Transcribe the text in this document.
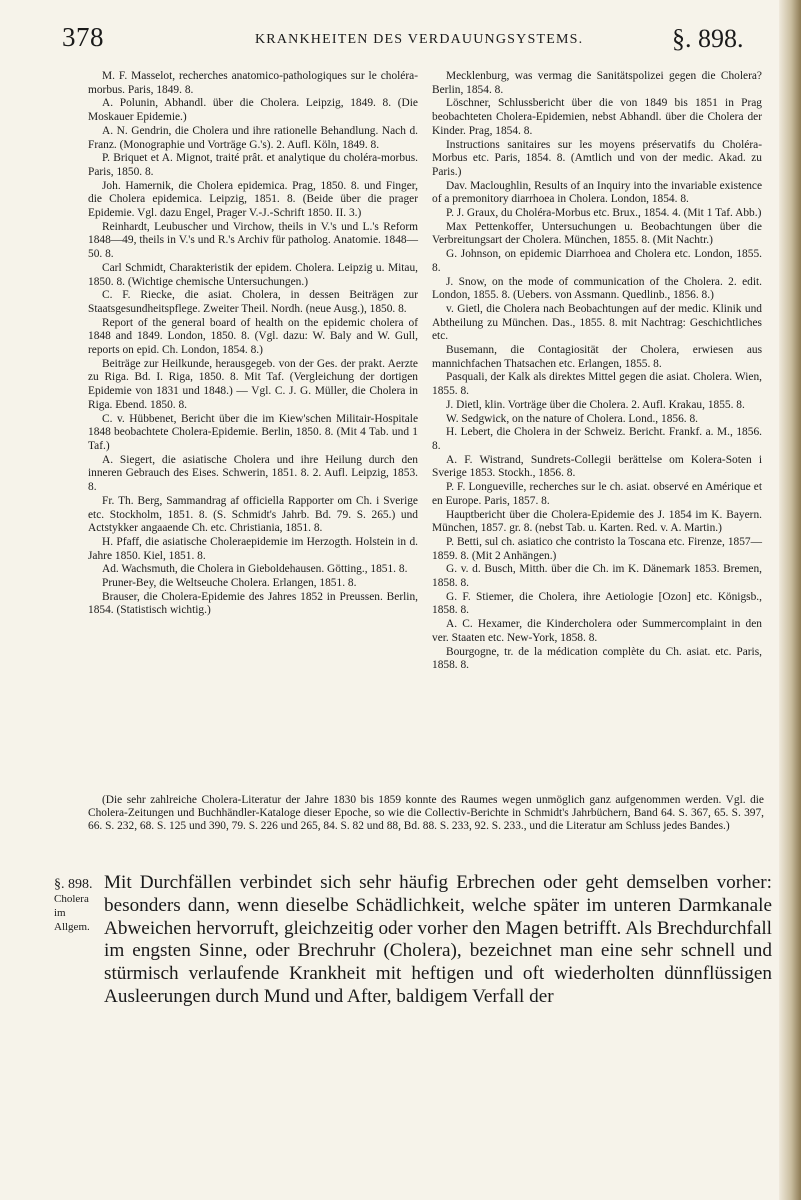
378	KRANKHEITEN DES VERDAUUNGSYSTEMS.	§. 898.

M. F. Masselot, recherches anatomico-pathologiques sur le choléra-morbus. Paris, 1849. 8.

A. Polunin, Abhandl. über die Cholera. Leipzig, 1849. 8. (Die Moskauer Epidemie.)

A. N. Gendrin, die Cholera und ihre rationelle Behandlung. Nach d. Franz. (Monographie und Vorträge G.'s). 2. Aufl. Köln, 1849. 8.

P. Briquet et A. Mignot, traité prât. et analytique du choléra-morbus. Paris, 1850. 8.

Joh. Hamernik, die Cholera epidemica. Prag, 1850. 8. und Finger, die Cholera epidemica. Leipzig, 1851. 8. (Beide über die prager Epidemie. Vgl. dazu Engel, Prager V.-J.-Schrift 1850. II. 3.)

Reinhardt, Leubuscher und Virchow, theils in V.'s und L.'s Reform 1848—49, theils in V.'s und R.'s Archiv für patholog. Anatomie. 1848—50. 8.

Carl Schmidt, Charakteristik der epidem. Cholera. Leipzig u. Mitau, 1850. 8. (Wichtige chemische Untersuchungen.)

C. F. Riecke, die asiat. Cholera, in dessen Beiträgen zur Staatsgesundheitspflege. Zweiter Theil. Nordh. (neue Ausg.), 1850. 8.

Report of the general board of health on the epidemic cholera of 1848 and 1849. London, 1850. 8. (Vgl. dazu: W. Baly and W. Gull, reports on epid. Ch. London, 1854. 8.)

Beiträge zur Heilkunde, herausgegeb. von der Ges. der prakt. Aerzte zu Riga. Bd. I. Riga, 1850. 8. Mit Taf. (Vergleichung der dortigen Epidemie von 1831 und 1848.) — Vgl. C. J. G. Müller, die Cholera in Riga. Ebend. 1850. 8.

C. v. Hübbenet, Bericht über die im Kiew'schen Militair-Hospitale 1848 beobachtete Cholera-Epidemie. Berlin, 1850. 8. (Mit 4 Tab. und 1 Taf.)

A. Siegert, die asiatische Cholera und ihre Heilung durch den inneren Gebrauch des Eises. Schwerin, 1851. 8. 2. Aufl. Leipzig, 1853. 8.

Fr. Th. Berg, Sammandrag af officiella Rapporter om Ch. i Sverige etc. Stockholm, 1851. 8. (S. Schmidt's Jahrb. Bd. 79. S. 265.) und Actstykker angaaende Ch. etc. Christiania, 1851. 8.

H. Pfaff, die asiatische Choleraepidemie im Herzogth. Holstein in d. Jahre 1850. Kiel, 1851. 8.

Ad. Wachsmuth, die Cholera in Gieboldehausen. Götting., 1851. 8.

Pruner-Bey, die Weltseuche Cholera. Erlangen, 1851. 8.

Brauser, die Cholera-Epidemie des Jahres 1852 in Preussen. Berlin, 1854. (Statistisch wichtig.)

Mecklenburg, was vermag die Sanitätspolizei gegen die Cholera? Berlin, 1854. 8.

Löschner, Schlussbericht über die von 1849 bis 1851 in Prag beobachteten Cholera-Epidemien, nebst Abhandl. über die Cholera der Kinder. Prag, 1854. 8.

Instructions sanitaires sur les moyens préservatifs du Choléra-Morbus etc. Paris, 1854. 8. (Amtlich und von der medic. Akad. zu Paris.)

Dav. Macloughlin, Results of an Inquiry into the invariable existence of a premonitory diarrhoea in Cholera. London, 1854. 8.

P. J. Graux, du Choléra-Morbus etc. Brux., 1854. 4. (Mit 1 Taf. Abb.)

Max Pettenkoffer, Untersuchungen u. Beobachtungen über die Verbreitungsart der Cholera. München, 1855. 8. (Mit Nachtr.)

G. Johnson, on epidemic Diarrhoea and Cholera etc. London, 1855. 8.

J. Snow, on the mode of communication of the Cholera. 2. edit. London, 1855. 8. (Uebers. von Assmann. Quedlinb., 1856. 8.)

v. Gietl, die Cholera nach Beobachtungen auf der medic. Klinik und Abtheilung zu München. Das., 1855. 8. mit Nachtrag: Geschichtliches etc.

Busemann, die Contagiosität der Cholera, erwiesen aus mannichfachen Thatsachen etc. Erlangen, 1855. 8.

Pasquali, der Kalk als direktes Mittel gegen die asiat. Cholera. Wien, 1855. 8.

J. Dietl, klin. Vorträge über die Cholera. 2. Aufl. Krakau, 1855. 8.

W. Sedgwick, on the nature of Cholera. Lond., 1856. 8.

H. Lebert, die Cholera in der Schweiz. Bericht. Frankf. a. M., 1856. 8.

A. F. Wistrand, Sundrets-Collegii berättelse om Kolera-Soten i Sverige 1853. Stockh., 1856. 8.

P. F. Longueville, recherches sur le ch. asiat. observé en Amérique et en Europe. Paris, 1857. 8.

Hauptbericht über die Cholera-Epidemie des J. 1854 im K. Bayern. München, 1857. gr. 8. (nebst Tab. u. Karten. Red. v. A. Martin.)

P. Betti, sul ch. asiatico che contristo la Toscana etc. Firenze, 1857—1859. 8. (Mit 2 Anhängen.)

G. v. d. Busch, Mitth. über die Ch. im K. Dänemark 1853. Bremen, 1858. 8.

G. F. Stiemer, die Cholera, ihre Aetiologie [Ozon] etc. Königsb., 1858. 8.

A. C. Hexamer, die Kindercholera oder Summercomplaint in den ver. Staaten etc. New-York, 1858. 8.

Bourgogne, tr. de la médication complète du Ch. asiat. etc. Paris, 1858. 8.

(Die sehr zahlreiche Cholera-Literatur der Jahre 1830 bis 1859 konnte des Raumes wegen unmöglich ganz aufgenommen werden. Vgl. die Cholera-Zeitungen und Buchhändler-Kataloge dieser Epoche, so wie die Collectiv-Berichte in Schmidt's Jahrbüchern, Band 64. S. 367, 65. S. 397, 66. S. 232, 68. S. 125 und 390, 79. S. 226 und 265, 84. S. 82 und 88, Bd. 88. S. 233, 92. S. 233., und die Literatur am Schluss jedes Bandes.)
§. 898.
Cholera im Allgem.
Mit Durchfällen verbindet sich sehr häufig Erbrechen oder geht demselben vorher: besonders dann, wenn dieselbe Schädlichkeit, welche später im unteren Darmkanale Abweichen hervorruft, gleichzeitig oder vorher den Magen betrifft. Als Brechdurchfall im engsten Sinne, oder Brechruhr (Cholera), bezeichnet man eine sehr schnell und stürmisch verlaufende Krankheit mit heftigen und oft wiederholten dünnflüssigen Ausleerungen durch Mund und After, baldigem Verfall der
